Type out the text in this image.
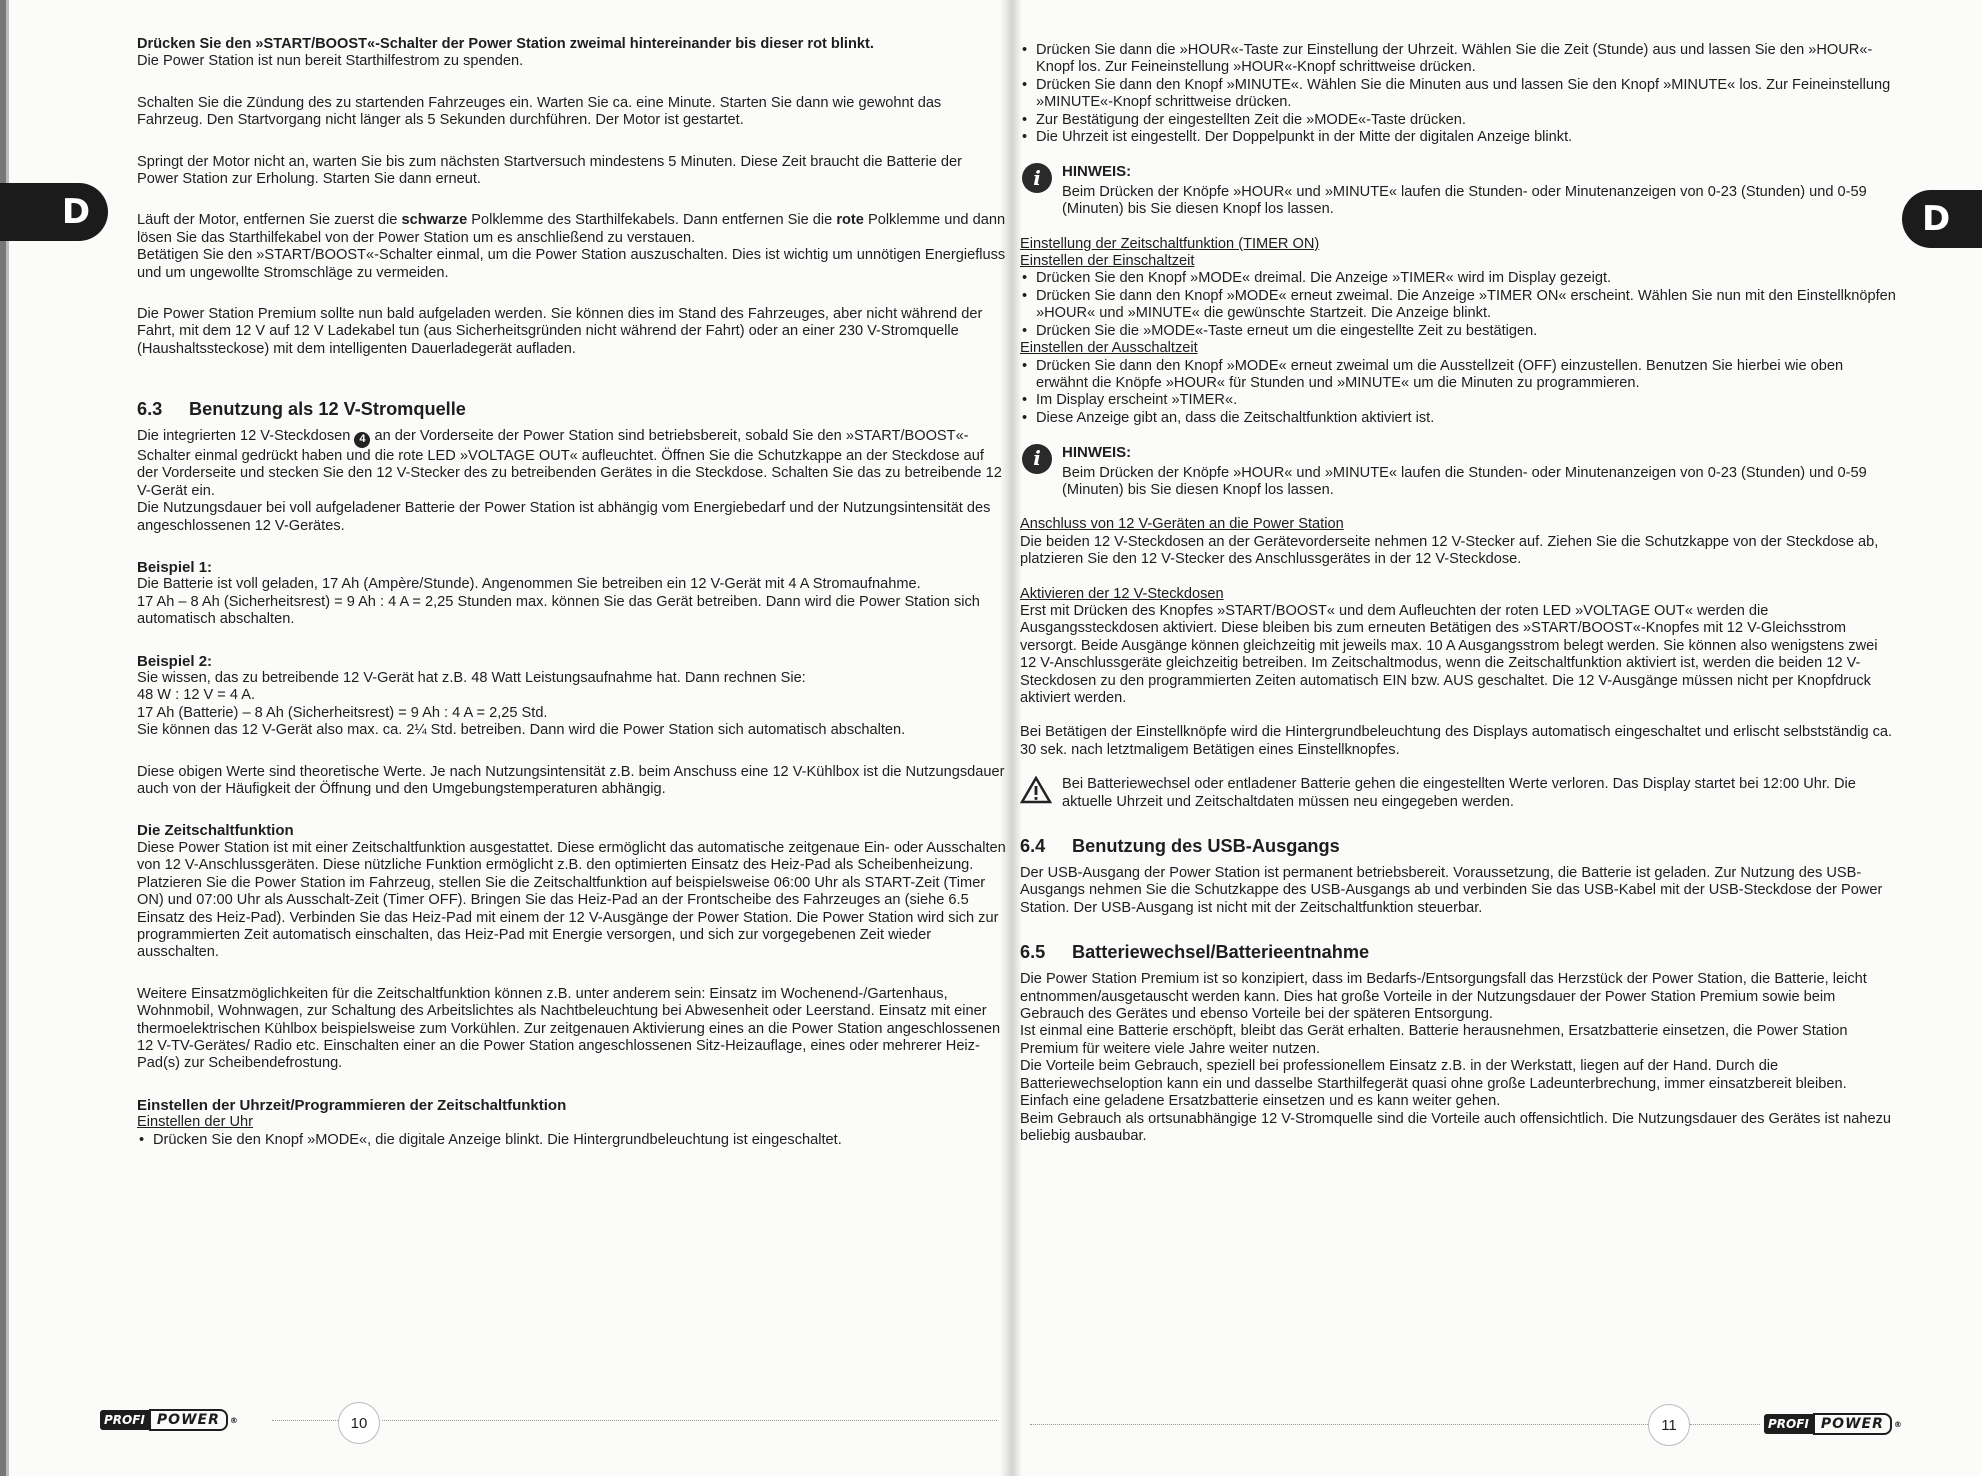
D	D

Drücken Sie den »START/BOOST«-Schalter der Power Station zweimal hintereinander bis dieser rot blinkt.

Die Power Station ist nun bereit Starthilfestrom zu spenden.

Schalten Sie die Zündung des zu startenden Fahrzeuges ein. Warten Sie ca. eine Minute. Starten Sie dann wie gewohnt das Fahrzeug. Den Startvorgang nicht länger als 5 Sekunden durchführen. Der Motor ist gestartet.

Springt der Motor nicht an, warten Sie bis zum nächsten Startversuch mindestens 5 Minuten. Diese Zeit braucht die Batterie der Power Station zur Erholung. Starten Sie dann erneut.

Läuft der Motor, entfernen Sie zuerst die schwarze Polklemme des Starthilfekabels. Dann entfernen Sie die rote Polklemme und dann lösen Sie das Starthilfekabel von der Power Station um es anschließend zu verstauen.

Betätigen Sie den »START/BOOST«-Schalter einmal, um die Power Station auszuschalten. Dies ist wichtig um unnötigen Energiefluss und um ungewollte Stromschläge zu vermeiden.

Die Power Station Premium sollte nun bald aufgeladen werden. Sie können dies im Stand des Fahrzeuges, aber nicht während der Fahrt, mit dem 12 V auf 12 V Ladekabel tun (aus Sicherheitsgründen nicht während der Fahrt) oder an einer 230 V-Stromquelle (Haushaltssteckose) mit dem intelligenten Dauerladegerät aufladen.

6.3 Benutzung als 12 V-Stromquelle

Die integrierten 12 V-Steckdosen 4 an der Vorderseite der Power Station sind betriebsbereit, sobald Sie den »START/BOOST«-Schalter einmal gedrückt haben und die rote LED »VOLTAGE OUT« aufleuchtet. Öffnen Sie die Schutzkappe an der Steckdose auf der Vorderseite und stecken Sie den 12 V-Stecker des zu betreibenden Gerätes in die Steckdose. Schalten Sie das zu betreibende 12 V-Gerät ein.

Die Nutzungsdauer bei voll aufgeladener Batterie der Power Station ist abhängig vom Energiebedarf und der Nutzungsintensität des angeschlossenen 12 V-Gerätes.

Beispiel 1:

Die Batterie ist voll geladen, 17 Ah (Ampère/Stunde). Angenommen Sie betreiben ein 12 V-Gerät mit 4 A Stromaufnahme.

17 Ah – 8 Ah (Sicherheitsrest) = 9 Ah : 4 A = 2,25 Stunden max. können Sie das Gerät betreiben. Dann wird die Power Station sich automatisch abschalten.

Beispiel 2:

Sie wissen, das zu betreibende 12 V-Gerät hat z.B. 48 Watt Leistungsaufnahme hat. Dann rechnen Sie:

48 W : 12 V = 4 A.

17 Ah (Batterie) – 8 Ah (Sicherheitsrest) = 9 Ah : 4 A = 2,25 Std.

Sie können das 12 V-Gerät also max. ca. 2¼ Std. betreiben. Dann wird die Power Station sich automatisch abschalten.

Diese obigen Werte sind theoretische Werte. Je nach Nutzungsintensität z.B. beim Anschuss eine 12 V-Kühlbox ist die Nutzungsdauer auch von der Häufigkeit der Öffnung und den Umgebungstemperaturen abhängig.

Die Zeitschaltfunktion

Diese Power Station ist mit einer Zeitschaltfunktion ausgestattet. Diese ermöglicht das automatische zeitgenaue Ein- oder Ausschalten von 12 V-Anschlussgeräten. Diese nützliche Funktion ermöglicht z.B. den optimierten Einsatz des Heiz-Pad als Scheibenheizung. Platzieren Sie die Power Station im Fahrzeug, stellen Sie die Zeitschaltfunktion auf beispielsweise 06:00 Uhr als START-Zeit (Timer ON) und 07:00 Uhr als Ausschalt-Zeit (Timer OFF). Bringen Sie das Heiz-Pad an der Frontscheibe des Fahrzeuges an (siehe 6.5 Einsatz des Heiz-Pad). Verbinden Sie das Heiz-Pad mit einem der 12 V-Ausgänge der Power Station. Die Power Station wird sich zur programmierten Zeit automatisch einschalten, das Heiz-Pad mit Energie versorgen, und sich zur vorgegebenen Zeit wieder ausschalten.

Weitere Einsatzmöglichkeiten für die Zeitschaltfunktion können z.B. unter anderem sein: Einsatz im Wochenend-/Gartenhaus, Wohnmobil, Wohnwagen, zur Schaltung des Arbeitslichtes als Nachtbeleuchtung bei Abwesenheit oder Leerstand. Einsatz mit einer thermoelektrischen Kühlbox beispielsweise zum Vorkühlen. Zur zeitgenauen Aktivierung eines an die Power Station angeschlossenen 12 V-TV-Gerätes/ Radio etc. Einschalten einer an die Power Station angeschlossenen Sitz-Heizauflage, eines oder mehrerer Heiz-Pad(s) zur Scheibendefrostung.

Einstellen der Uhrzeit/Programmieren der Zeitschaltfunktion

Einstellen der Uhr

• Drücken Sie den Knopf »MODE«, die digitale Anzeige blinkt. Die Hintergrundbeleuchtung ist eingeschaltet.

• Drücken Sie dann die »HOUR«-Taste zur Einstellung der Uhrzeit. Wählen Sie die Zeit (Stunde) aus und lassen Sie den »HOUR«-Knopf los. Zur Feineinstellung »HOUR«-Knopf schrittweise drücken.

• Drücken Sie dann den Knopf »MINUTE«. Wählen Sie die Minuten aus und lassen Sie den Knopf »MINUTE« los. Zur Feineinstellung »MINUTE«-Knopf schrittweise drücken.

• Zur Bestätigung der eingestellten Zeit die »MODE«-Taste drücken.

• Die Uhrzeit ist eingestellt. Der Doppelpunkt in der Mitte der digitalen Anzeige blinkt.

i	HINWEIS:

Beim Drücken der Knöpfe »HOUR« und »MINUTE« laufen die Stunden- oder Minutenanzeigen von 0-23 (Stunden) und 0-59 (Minuten) bis Sie diesen Knopf los lassen.

Einstellung der Zeitschaltfunktion (TIMER ON)

Einstellen der Einschaltzeit

• Drücken Sie den Knopf »MODE« dreimal. Die Anzeige »TIMER« wird im Display gezeigt.

• Drücken Sie dann den Knopf »MODE« erneut zweimal. Die Anzeige »TIMER ON« erscheint. Wählen Sie nun mit den Einstellknöpfen »HOUR« und »MINUTE« die gewünschte Startzeit. Die Anzeige blinkt.

• Drücken Sie die »MODE«-Taste erneut um die eingestellte Zeit zu bestätigen.

Einstellen der Ausschaltzeit

• Drücken Sie dann den Knopf »MODE« erneut zweimal um die Ausstellzeit (OFF) einzustellen. Benutzen Sie hierbei wie oben erwähnt die Knöpfe »HOUR« für Stunden und »MINUTE« um die Minuten zu programmieren.

• Im Display erscheint »TIMER«.

• Diese Anzeige gibt an, dass die Zeitschaltfunktion aktiviert ist.

i	HINWEIS:

Beim Drücken der Knöpfe »HOUR« und »MINUTE« laufen die Stunden- oder Minutenanzeigen von 0-23 (Stunden) und 0-59 (Minuten) bis Sie diesen Knopf los lassen.

Anschluss von 12 V-Geräten an die Power Station

Die beiden 12 V-Steckdosen an der Gerätevorderseite nehmen 12 V-Stecker auf. Ziehen Sie die Schutzkappe von der Steckdose ab, platzieren Sie den 12 V-Stecker des Anschlussgerätes in der 12 V-Steckdose.

Aktivieren der 12 V-Steckdosen

Erst mit Drücken des Knopfes »START/BOOST« und dem Aufleuchten der roten LED »VOLTAGE OUT« werden die Ausgangssteckdosen aktiviert. Diese bleiben bis zum erneuten Betätigen des »START/BOOST«-Knopfes mit 12 V-Gleichsstrom versorgt. Beide Ausgänge können gleichzeitig mit jeweils max. 10 A Ausgangsstrom belegt werden. Sie können also wenigstens zwei 12 V-Anschlussgeräte gleichzeitig betreiben. Im Zeitschaltmodus, wenn die Zeitschaltfunktion aktiviert ist, werden die beiden 12 V-Steckdosen zu den programmierten Zeiten automatisch EIN bzw. AUS geschaltet. Die 12 V-Ausgänge müssen nicht per Knopfdruck aktiviert werden.

Bei Betätigen der Einstellknöpfe wird die Hintergrundbeleuchtung des Displays automatisch eingeschaltet und erlischt selbstständig ca. 30 sek. nach letztmaligem Betätigen eines Einstellknopfes.

Bei Batteriewechsel oder entladener Batterie gehen die eingestellten Werte verloren. Das Display startet bei 12:00 Uhr. Die aktuelle Uhrzeit und Zeitschaltdaten müssen neu eingegeben werden.

6.4 Benutzung des USB-Ausgangs

Der USB-Ausgang der Power Station ist permanent betriebsbereit. Voraussetzung, die Batterie ist geladen. Zur Nutzung des USB-Ausgangs nehmen Sie die Schutzkappe des USB-Ausgangs ab und verbinden Sie das USB-Kabel mit der USB-Steckdose der Power Station. Der USB-Ausgang ist nicht mit der Zeitschaltfunktion steuerbar.

6.5 Batteriewechsel/Batterieentnahme

Die Power Station Premium ist so konzipiert, dass im Bedarfs-/Entsorgungsfall das Herzstück der Power Station, die Batterie, leicht entnommen/ausgetauscht werden kann. Dies hat große Vorteile in der Nutzungsdauer der Power Station Premium sowie beim Gebrauch des Gerätes und ebenso Vorteile bei der späteren Entsorgung.

Ist einmal eine Batterie erschöpft, bleibt das Gerät erhalten. Batterie herausnehmen, Ersatzbatterie einsetzen, die Power Station Premium für weitere viele Jahre weiter nutzen.

Die Vorteile beim Gebrauch, speziell bei professionellem Einsatz z.B. in der Werkstatt, liegen auf der Hand. Durch die Batteriewechseloption kann ein und dasselbe Starthilfegerät quasi ohne große Ladeunterbrechung, immer einsatzbereit bleiben. Einfach eine geladene Ersatzbatterie einsetzen und es kann weiter gehen.

Beim Gebrauch als ortsunabhängige 12 V-Stromquelle sind die Vorteile auch offensichtlich. Die Nutzungsdauer des Gerätes ist nahezu beliebig ausbaubar.

PROFI POWER	®	10	11	PROFI POWER	®
